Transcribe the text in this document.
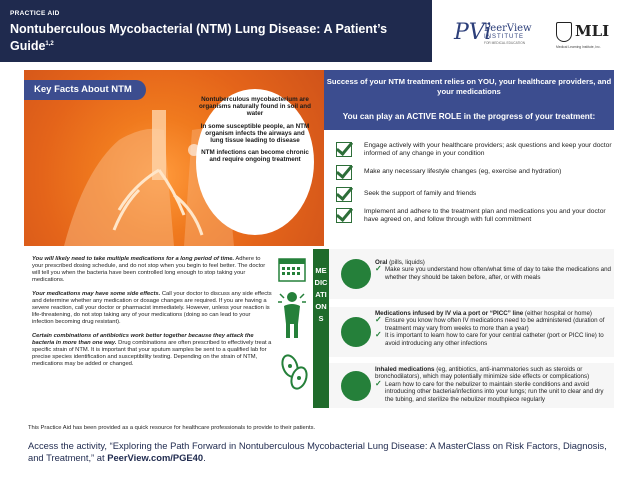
PRACTICE AID
Nontuberculous Mycobacterial (NTM) Lung Disease: A Patient’s Guide$^{1,2}$	PVi
PeerView
INSTITUTE
FOR MEDICAL EDUCATION
MLI
Medical Learning Institute, Inc.
Key Facts About NTM

Nontuberculous mycobacterium are organisms naturally found in soil and water

In some susceptible people, an NTM organism infects the airways and lung tissue leading to disease

NTM infections can become chronic and require ongoing treatment

Success of your NTM treatment relies on YOU, your healthcare providers, and your medications
You can play an ACTIVE ROLE in the progress of your treatment:
Engage actively with your healthcare providers; ask questions and keep your doctor informed of any change in your condition
Make any necessary lifestyle changes (eg, exercise and hydration)
Seek the support of family and friends
Implement and adhere to the treatment plan and medications you and your doctor have agreed on, and follow through with full commitment

You will likely need to take multiple medications for a long period of time. Adhere to your prescribed dosing schedule, and do not stop when you begin to feel better. The doctor will tell you when the bacteria have been controlled long enough to stop taking your medications.

Your medications may have some side effects. Call your doctor to discuss any side effects and determine whether any medication or dosage changes are required. If you are having a severe reaction, call your doctor or pharmacist immediately. However, unless your reaction is life-threatening, do not stop taking any of your medications (doing so can lead to your infection becoming drug resistant).

Certain combinations of antibiotics work better together because they attack the bacteria in more than one way. Drug combinations are often prescribed to effectively treat a specific strain of NTM. It is important that your sputum samples be sent to a qualified lab for precise species identification and susceptibility testing. Depending on the strain of NTM, medications may be added or changed.

MEDICATIONS
Oral (pills, liquids)
✓ Make sure you understand how often/what time of day to take the medications and whether they should be taken before, after, or with meals
Medications infused by IV via a port or “PICC” line (either hospital or home)
✓ Ensure you know how often IV medications need to be administered (duration of treatment may vary from weeks to more than a year)
✓ It is important to learn how to care for your central catheter (port or PICC line) to avoid introducing any other infections
Inhaled medications (eg, antibiotics, anti-inammatories such as steroids or bronchodilators), which may potentially minimize side effects or complications)
✓ Learn how to care for the nebulizer to maintain sterile conditions and avoid introducing other bacteria/infections into your lungs; run the unit to clear and dry the tubing, and sterilize the nebulizer mouthpiece regularly
This Practice Aid has been provided as a quick resource for healthcare professionals to provide to their patients.
Access the activity, “Exploring the Path Forward in Nontuberculous Mycobacterial Lung Disease: A MasterClass on Risk Factors, Diagnosis, and Treatment,” at PeerView.com/PGE40.
